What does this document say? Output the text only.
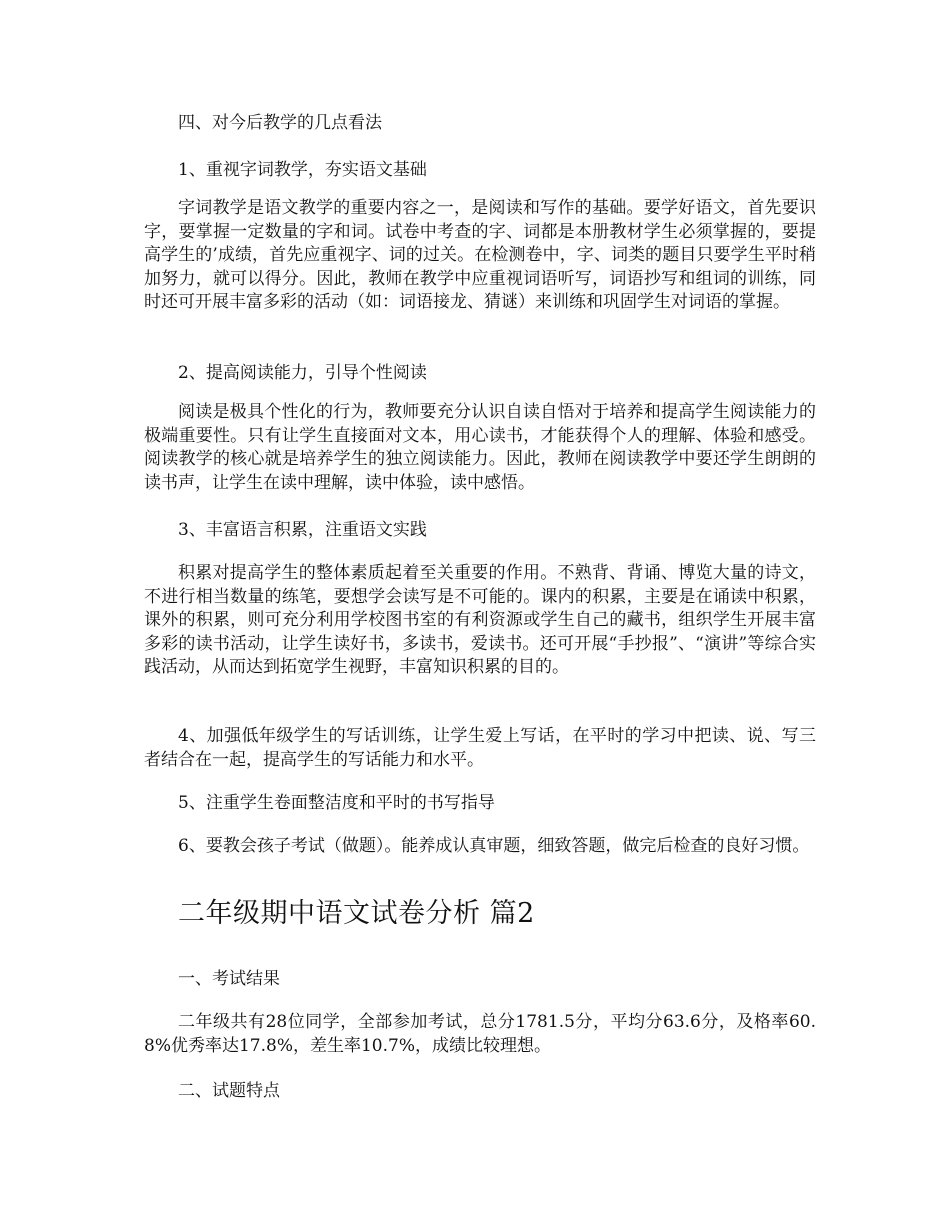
四、对今后教学的几点看法

1、重视字词教学，夯实语文基础

字词教学是语文教学的重要内容之一，是阅读和写作的基础。要学好语文，首先要识字，要掌握一定数量的字和词。试卷中考查的字、词都是本册教材学生必须掌握的，要提高学生的’成绩，首先应重视字、词的过关。在检测卷中，字、词类的题目只要学生平时稍加努力，就可以得分。因此，教师在教学中应重视词语听写，词语抄写和组词的训练，同时还可开展丰富多彩的活动（如：词语接龙、猜谜）来训练和巩固学生对词语的掌握。

2、提高阅读能力，引导个性阅读

阅读是极具个性化的行为，教师要充分认识自读自悟对于培养和提高学生阅读能力的极端重要性。只有让学生直接面对文本，用心读书，才能获得个人的理解、体验和感受。阅读教学的核心就是培养学生的独立阅读能力。因此，教师在阅读教学中要还学生朗朗的读书声，让学生在读中理解，读中体验，读中感悟。

3、丰富语言积累，注重语文实践

积累对提高学生的整体素质起着至关重要的作用。不熟背、背诵、博览大量的诗文，不进行相当数量的练笔，要想学会读写是不可能的。课内的积累，主要是在诵读中积累，课外的积累，则可充分利用学校图书室的有利资源或学生自己的藏书，组织学生开展丰富多彩的读书活动，让学生读好书，多读书，爱读书。还可开展“手抄报”、“演讲”等综合实践活动，从而达到拓宽学生视野，丰富知识积累的目的。

4、加强低年级学生的写话训练，让学生爱上写话，在平时的学习中把读、说、写三者结合在一起，提高学生的写话能力和水平。

5、注重学生卷面整洁度和平时的书写指导

6、要教会孩子考试（做题）。能养成认真审题，细致答题，做完后检查的良好习惯。

二年级期中语文试卷分析 篇2

一、考试结果

二年级共有28位同学，全部参加考试，总分1781.5分，平均分63.6分，及格率60.8%优秀率达17.8%，差生率10.7%，成绩比较理想。

二、试题特点
